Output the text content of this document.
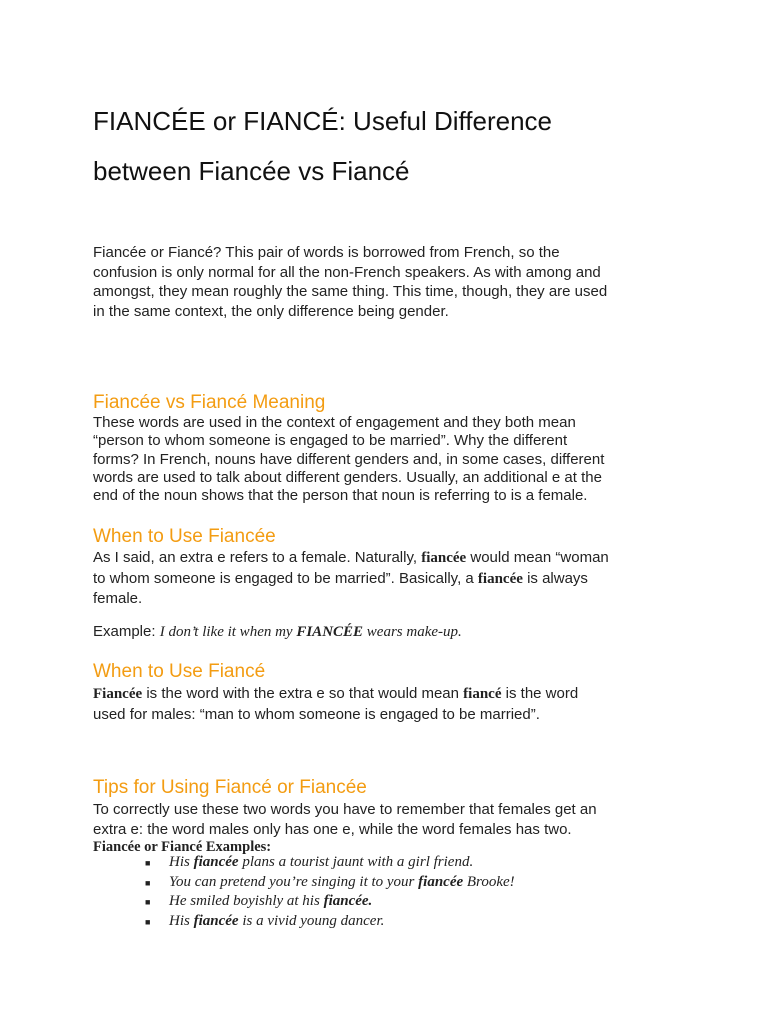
FIANCÉE or FIANCÉ: Useful Difference
between Fiancée vs Fiancé

Fiancée or Fiancé? This pair of words is borrowed from French, so the
confusion is only normal for all the non-French speakers. As with among and
amongst, they mean roughly the same thing. This time, though, they are used
in the same context, the only difference being gender.

Fiancée vs Fiancé Meaning

These words are used in the context of engagement and they both mean
“person to whom someone is engaged to be married”. Why the different
forms? In French, nouns have different genders and, in some cases, different
words are used to talk about different genders. Usually, an additional e at the
end of the noun shows that the person that noun is referring to is a female.

When to Use Fiancée

As I said, an extra e refers to a female. Naturally, fiancée would mean “woman
to whom someone is engaged to be married”. Basically, a fiancée is always
female.

Example: I don’t like it when my FIANCÉE wears make-up.

When to Use Fiancé

Fiancée is the word with the extra e so that would mean fiancé is the word
used for males: “man to whom someone is engaged to be married”.

Tips for Using Fiancé or Fiancée

To correctly use these two words you have to remember that females get an
extra e: the word males only has one e, while the word females has two.

Fiancée or Fiancé Examples:

■	His fiancée plans a tourist jaunt with a girl friend.
■	You can pretend you’re singing it to your fiancée Brooke!
■	He smiled boyishly at his fiancée.
■	His fiancée is a vivid young dancer.
